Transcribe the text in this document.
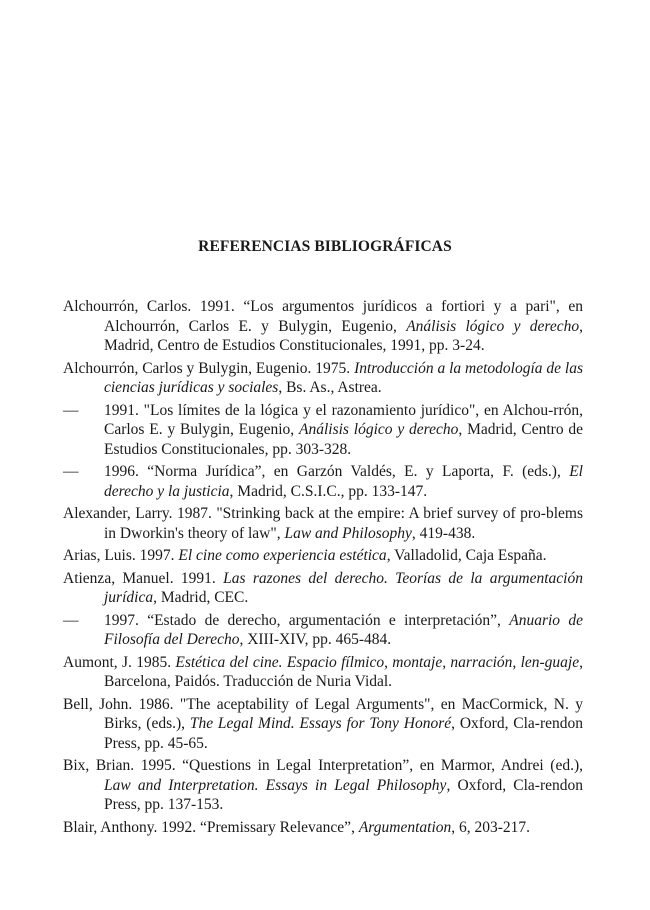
REFERENCIAS BIBLIOGRÁFICAS
Alchourrón, Carlos. 1991. “Los argumentos jurídicos a fortiori y a pari", en Alchourrón, Carlos E. y Bulygin, Eugenio, Análisis lógico y derecho, Madrid, Centro de Estudios Constitucionales, 1991, pp. 3-24.
Alchourrón, Carlos y Bulygin, Eugenio. 1975. Introducción a la metodología de las ciencias jurídicas y sociales, Bs. As., Astrea.
— 1991. "Los límites de la lógica y el razonamiento jurídico", en Alchou-rrón, Carlos E. y Bulygin, Eugenio, Análisis lógico y derecho, Madrid, Centro de Estudios Constitucionales, pp. 303-328.
— 1996. “Norma Jurídica”, en Garzón Valdés, E. y Laporta, F. (eds.), El derecho y la justicia, Madrid, C.S.I.C., pp. 133-147.
Alexander, Larry. 1987. "Strinking back at the empire: A brief survey of pro-blems in Dworkin's theory of law", Law and Philosophy, 419-438.
Arias, Luis. 1997. El cine como experiencia estética, Valladolid, Caja España.
Atienza, Manuel. 1991. Las razones del derecho. Teorías de la argumentación jurídica, Madrid, CEC.
— 1997. “Estado de derecho, argumentación e interpretación”, Anuario de Filosofía del Derecho, XIII-XIV, pp. 465-484.
Aumont, J. 1985. Estética del cine. Espacio fílmico, montaje, narración, len-guaje, Barcelona, Paidós. Traducción de Nuria Vidal.
Bell, John. 1986. "The aceptability of Legal Arguments", en MacCormick, N. y Birks, (eds.), The Legal Mind. Essays for Tony Honoré, Oxford, Cla-rendon Press, pp. 45-65.
Bix, Brian. 1995. “Questions in Legal Interpretation”, en Marmor, Andrei (ed.), Law and Interpretation. Essays in Legal Philosophy, Oxford, Cla-rendon Press, pp. 137-153.
Blair, Anthony. 1992. “Premissary Relevance”, Argumentation, 6, 203-217.
